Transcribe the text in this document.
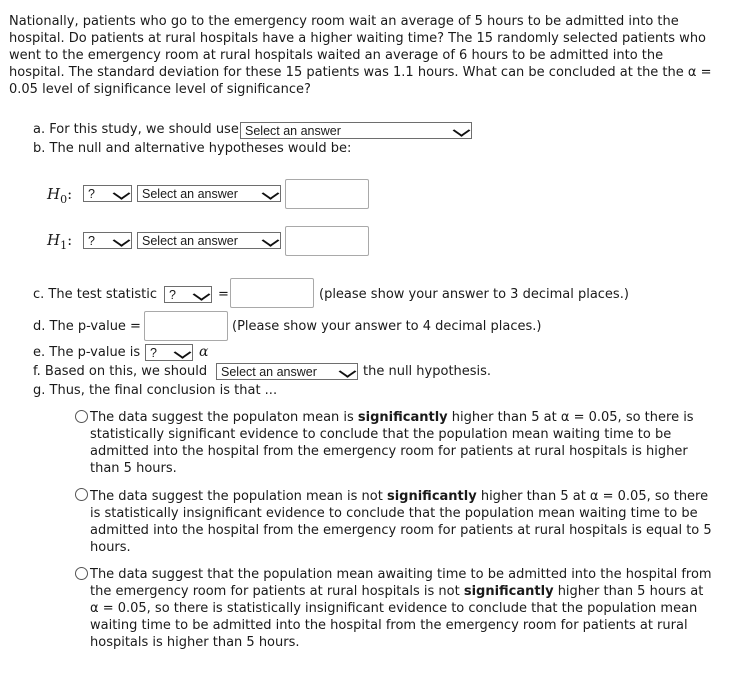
Nationally, patients who go to the emergency room wait an average of 5 hours to be admitted into the hospital. Do patients at rural hospitals have a higher waiting time? The 15 randomly selected patients who went to the emergency room at rural hospitals waited an average of 6 hours to be admitted into the hospital. The standard deviation for these 15 patients was 1.1 hours. What can be concluded at the the α = 0.05 level of significance level of significance?
a. For this study, we should use Select an answer
b. The null and alternative hypotheses would be:
$H_0$:	?	Select an answer
$H_1$:	?	Select an answer
c. The test statistic ?	=	(please show your answer to 3 decimal places.)
d. The p-value =	(Please show your answer to 4 decimal places.)
e. The p-value is ?	α
f. Based on this, we should	Select an answer	the null hypothesis.
g. Thus, the final conclusion is that ...
The data suggest the populaton mean is significantly higher than 5 at α = 0.05, so there is statistically significant evidence to conclude that the population mean waiting time to be admitted into the hospital from the emergency room for patients at rural hospitals is higher than 5 hours.
The data suggest the population mean is not significantly higher than 5 at α = 0.05, so there is statistically insignificant evidence to conclude that the population mean waiting time to be admitted into the hospital from the emergency room for patients at rural hospitals is equal to 5 hours.
The data suggest that the population mean awaiting time to be admitted into the hospital from the emergency room for patients at rural hospitals is not significantly higher than 5 hours at α = 0.05, so there is statistically insignificant evidence to conclude that the population mean waiting time to be admitted into the hospital from the emergency room for patients at rural hospitals is higher than 5 hours.
